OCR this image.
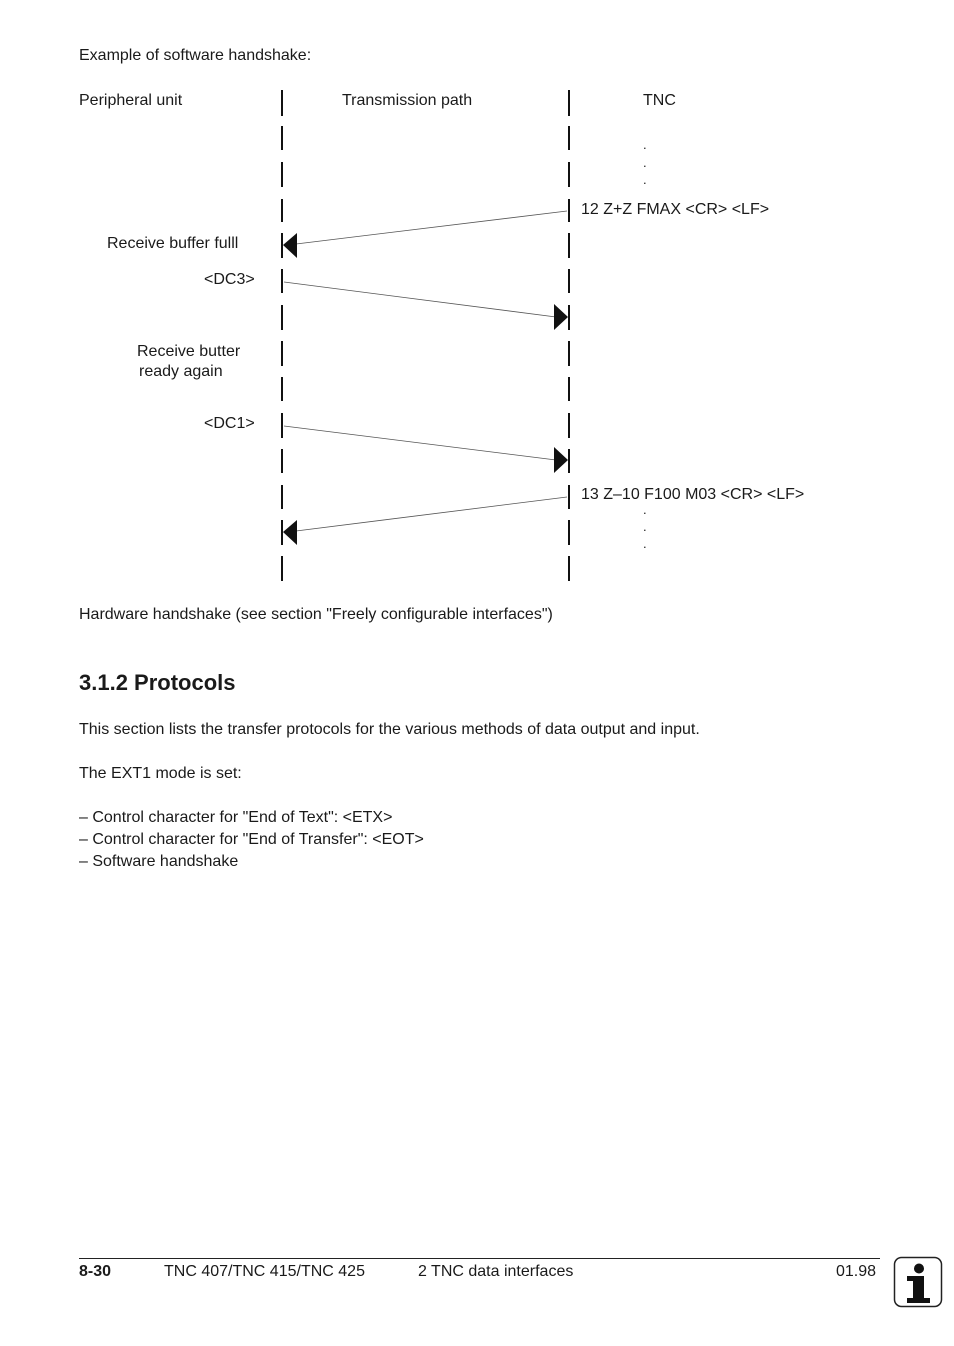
Example of software handshake:
Peripheral unit	Transmission path	TNC
.
.
.
12 Z+Z FMAX <CR> <LF>
Receive buffer fulll
<DC3>
Receive butter
ready again
<DC1>
13 Z–10 F100 M03 <CR> <LF>
.
.
.
Hardware handshake (see section "Freely configurable interfaces")
3.1.2 Protocols
This section lists the transfer protocols for the various methods of data output and input.
The EXT1 mode is set:
– Control character for "End of Text": <ETX>
– Control character for "End of Transfer": <EOT>
– Software handshake
8-30	TNC 407/TNC 415/TNC 425	2 TNC data interfaces	01.98
